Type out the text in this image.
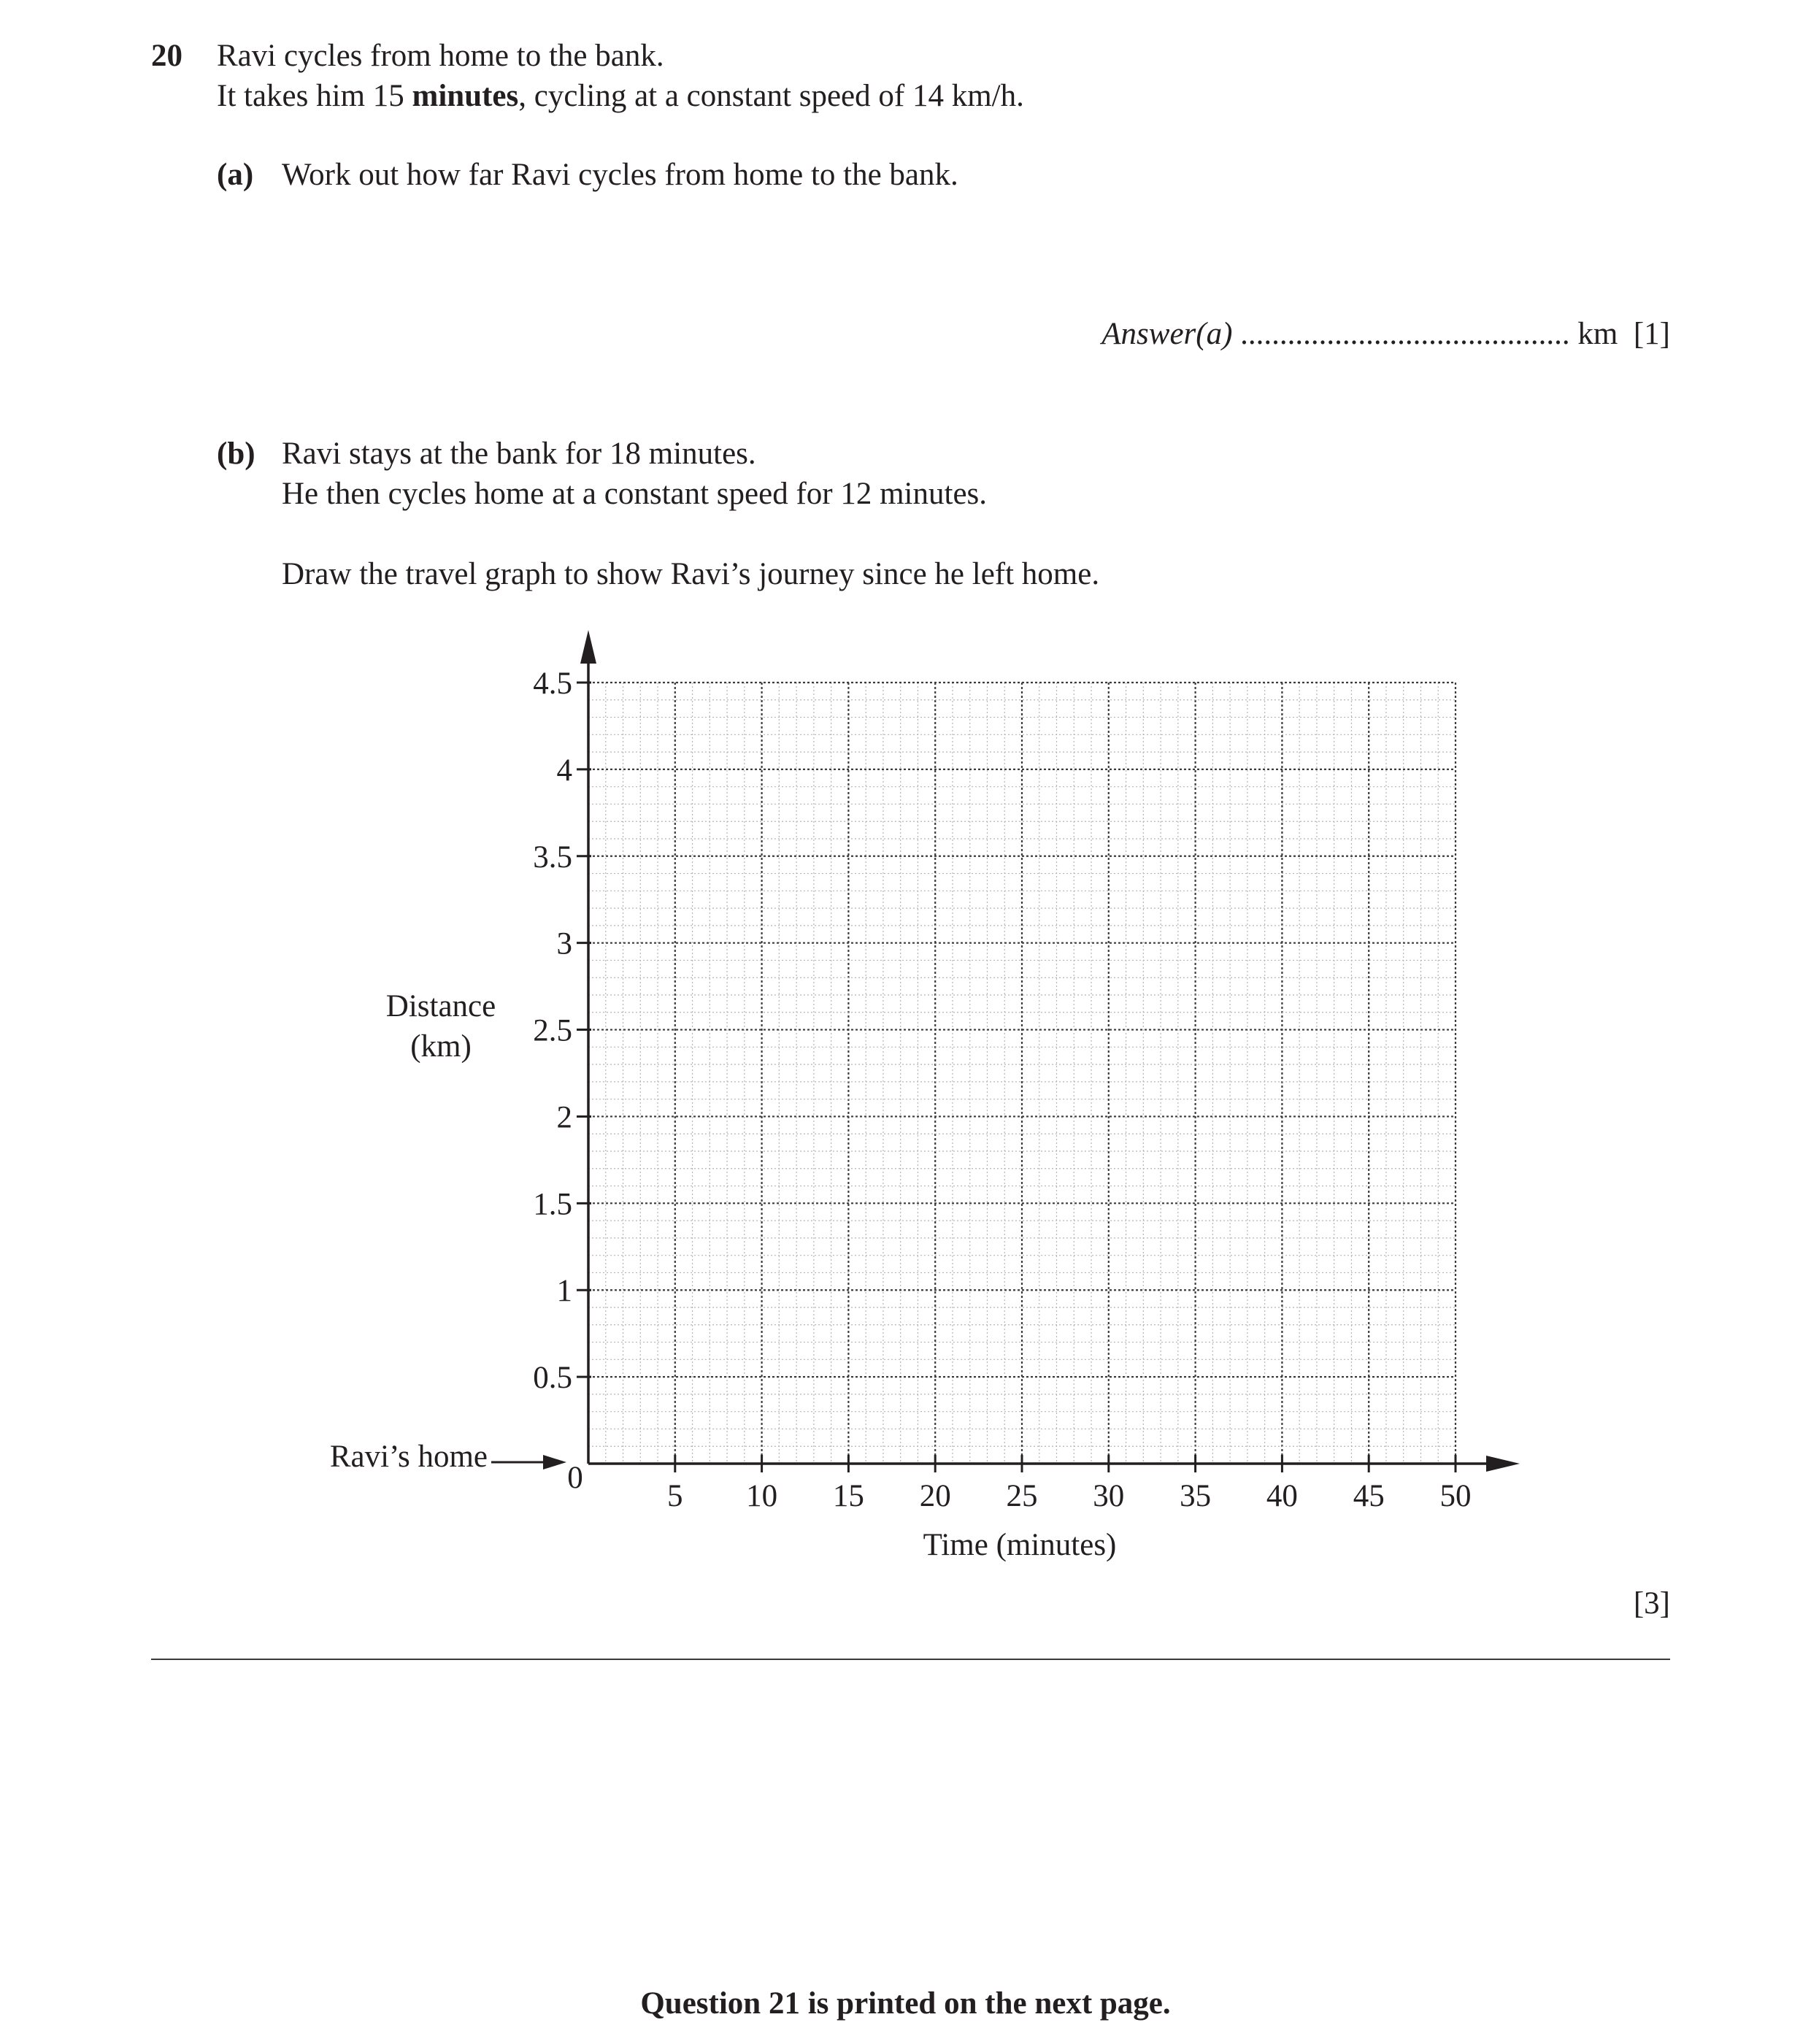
20 Ravi cycles from home to the bank.
It takes him 15 minutes, cycling at a constant speed of 14 km/h.
(a) Work out how far Ravi cycles from home to the bank.
Answer(a) .......................................... km [1]
(b) Ravi stays at the bank for 18 minutes.
He then cycles home at a constant speed for 12 minutes.
Draw the travel graph to show Ravi’s journey since he left home.
5 10 15 20 25 30 35 40 45 50
0.5
1
1.5
2
2.5
3
3.5
4
4.5
Distance
(km)
Time (minutes)
0
Ravi’s home
[3]
Question 21 is printed on the next page.
